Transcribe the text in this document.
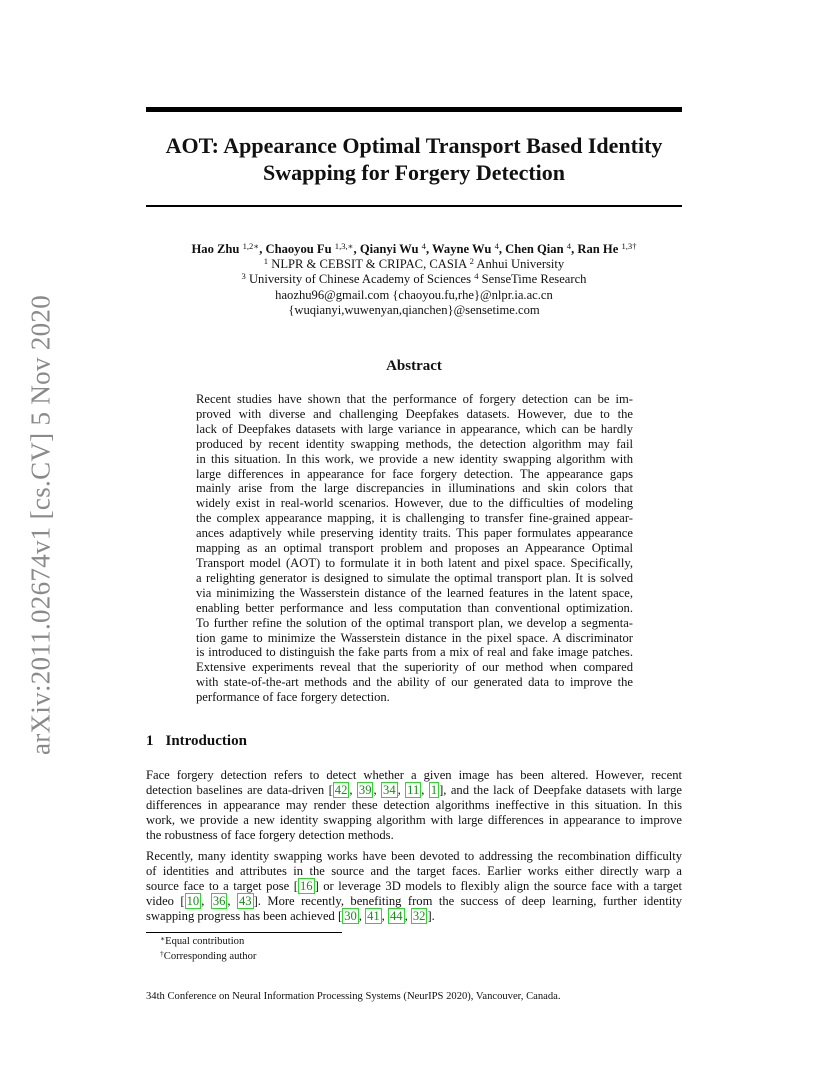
arXiv:2011.02674v1 [cs.CV] 5 Nov 2020
AOT: Appearance Optimal Transport Based Identity
Swapping for Forgery Detection
Hao Zhu $^{1,2∗}$, Chaoyou Fu $^{1,3,∗}$, Qianyi Wu $^4$, Wayne Wu $^4$, Chen Qian $^4$, Ran He $^{1,3\dagger}$
$^1$ NLPR & CEBSIT & CRIPAC, CASIA $^2$ Anhui University
$^3$ University of Chinese Academy of Sciences $^4$ SenseTime Research
haozhu96@gmail.com {chaoyou.fu,rhe}@nlpr.ia.ac.cn
{wuqianyi,wuwenyan,qianchen}@sensetime.com
Abstract
Recent studies have shown that the performance of forgery detection can be im-
proved with diverse and challenging Deepfakes datasets. However, due to the
lack of Deepfakes datasets with large variance in appearance, which can be hardly
produced by recent identity swapping methods, the detection algorithm may fail
in this situation. In this work, we provide a new identity swapping algorithm with
large differences in appearance for face forgery detection. The appearance gaps
mainly arise from the large discrepancies in illuminations and skin colors that
widely exist in real-world scenarios. However, due to the difficulties of modeling
the complex appearance mapping, it is challenging to transfer fine-grained appear-
ances adaptively while preserving identity traits. This paper formulates appearance
mapping as an optimal transport problem and proposes an Appearance Optimal
Transport model (AOT) to formulate it in both latent and pixel space. Specifically,
a relighting generator is designed to simulate the optimal transport plan. It is solved
via minimizing the Wasserstein distance of the learned features in the latent space,
enabling better performance and less computation than conventional optimization.
To further refine the solution of the optimal transport plan, we develop a segmenta-
tion game to minimize the Wasserstein distance in the pixel space. A discriminator
is introduced to distinguish the fake parts from a mix of real and fake image patches.
Extensive experiments reveal that the superiority of our method when compared
with state-of-the-art methods and the ability of our generated data to improve the
performance of face forgery detection.
1 Introduction
Face forgery detection refers to detect whether a given image has been altered. However, recent
detection baselines are data-driven [ 42 , 39 , 34 , 11 , 1 ], and the lack of Deepfake datasets with large
differences in appearance may render these detection algorithms ineffective in this situation. In this
work, we provide a new identity swapping algorithm with large differences in appearance to improve
the robustness of face forgery detection methods.
Recently, many identity swapping works have been devoted to addressing the recombination difficulty
of identities and attributes in the source and the target faces. Earlier works either directly warp a
source face to a target pose [ 16 ] or leverage 3D models to flexibly align the source face with a target
video [ 10 , 36 , 43 ]. More recently, benefiting from the success of deep learning, further identity
swapping progress has been achieved [ 30 , 41 , 44 , 32 ].
∗Equal contribution
†Corresponding author
34th Conference on Neural Information Processing Systems (NeurIPS 2020), Vancouver, Canada.
